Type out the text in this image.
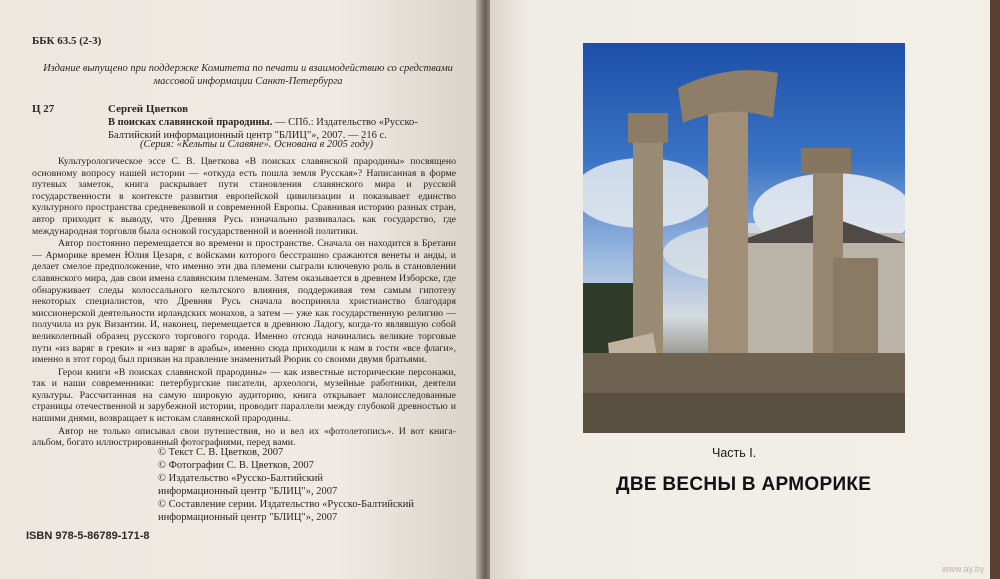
ББК 63.5 (2-3)
Издание выпущено при поддержке Комитета по печати и взаимодействию со средствами массовой информации Санкт-Петербурга
Ц 27	Сергей Цветков
В поисках славянской прародины. — СПб.: Издательство «Русско-Балтийский информационный центр "БЛИЦ"», 2007. — 216 с.
(Серия: «Кельты и Славяне». Основана в 2005 году)

Культурологическое эссе С. В. Цветкова «В поисках славянской прародины» посвящено основному вопросу нашей истории — «откуда есть пошла земля Русская»? Написанная в форме путевых заметок, книга раскрывает пути становления славянского мира и русской государственности в контексте развития европейской цивилизации и показывает единство культурного пространства средневековой и современной Европы. Сравнивая историю разных стран, автор приходит к выводу, что Древняя Русь изначально развивалась как государство, где международная торговля была основой государственной и военной политики.

Автор постоянно перемещается во времени и пространстве. Сначала он находится в Бретани — Арморике времен Юлия Цезаря, с войсками которого бесстрашно сражаются венеты и анды, и делает смелое предположение, что именно эти два племени сыграли ключевую роль в становлении славянского мира, дав свои имена славянским племенам. Затем оказывается в древнем Изборске, где обнаруживает следы колоссального кельтского влияния, поддерживая тем самым гипотезу некоторых специалистов, что Древняя Русь сначала восприняла христианство благодаря миссионерской деятельности ирландских монахов, а затем — уже как государственную религию — получила из рук Византии. И, наконец, перемещается в древнюю Ладогу, когда-то являвшую собой великолепный образец русского торгового города. Именно отсюда начинались великие торговые пути «из варяг в греки» и «из варяг в арабы», именно сюда приходили к нам в гости «все флаги», именно в этот город был призван на правление знаменитый Рюрик со своими двумя братьями.

Герои книги «В поисках славянской прародины» — как известные исторические персонажи, так и наши современники: петербургские писатели, археологи, музейные работники, деятели культуры. Рассчитанная на самую широкую аудиторию, книга открывает малоисследованные страницы отечественной и зарубежной истории, проводит параллели между глубокой древностью и нашими днями, возвращает к истокам славянской прародины.

Автор не только описывал свои путешествия, но и вел их «фотолетопись». И вот книга-альбом, богато иллюстрированный фотографиями, перед вами.

© Текст С. В. Цветков, 2007
© Фотографии С. В. Цветков, 2007
© Издательство «Русско-Балтийский
информационный центр "БЛИЦ"», 2007
© Составление серии. Издательство «Русско-Балтийский
информационный центр "БЛИЦ"», 2007
ISBN 978-5-86789-171-8
Часть I.
ДВЕ ВЕСНЫ В АРМОРИКЕ
www.ay.by
